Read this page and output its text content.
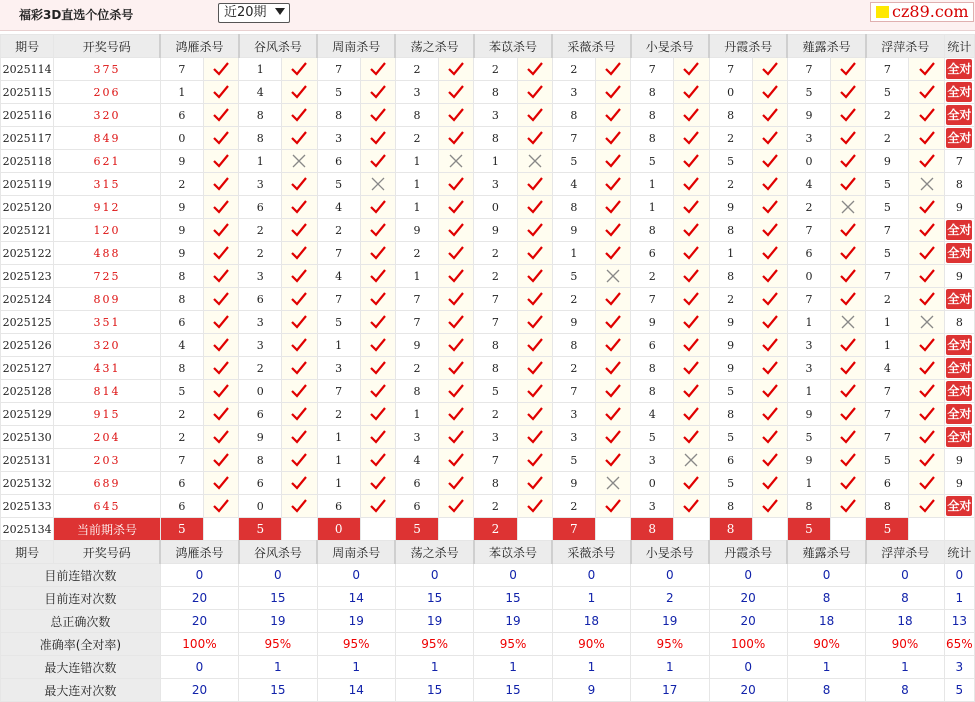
福彩3D直选个位杀号	近20期	cz89.com
期号	开奖号码	鸿雁杀号		谷风杀号		周南杀号		荡之杀号		苯苡杀号		采薇杀号		小旻杀号		丹霞杀号		薤露杀号		浮萍杀号		统计
2025114	375	7		1		7		2		2		2		7		7		7		7		全对

2025115	206	1		4		5		3		8		3		8		0		5		5		全对

2025116	320	6		8		8		8		3		8		8		8		9		2		全对

2025117	849	0		8		3		2		8		7		8		2		3		2		全对

2025118	621	9		1		6		1		1		5		5		5		0		9		7
2025119	315	2		3		5		1		3		4		1		2		4		5		8
2025120	912	9		6		4		1		0		8		1		9		2		5		9
2025121	120	9		2		2		9		9		9		8		8		7		7		全对

2025122	488	9		2		7		2		2		1		6		1		6		5		全对

2025123	725	8		3		4		1		2		5		2		8		0		7		9
2025124	809	8		6		7		7		7		2		7		2		7		2		全对

2025125	351	6		3		5		7		7		9		9		9		1		1		8
2025126	320	4		3		1		9		8		8		6		9		3		1		全对

2025127	431	8		2		3		2		8		2		8		9		3		4		全对

2025128	814	5		0		7		8		5		7		8		5		1		7		全对

2025129	915	2		6		2		1		2		3		4		8		9		7		全对

2025130	204	2		9		1		3		3		3		5		5		5		7		全对

2025131	203	7		8		1		4		7		5		3		6		9		5		9
2025132	689	6		6		1		6		8		9		0		5		1		6		9
2025133	645	6		0		6		6		2		2		3		8		8		8		全对

2025134	当前期杀号	5		5		0		5		2		7		8		8		5		5		
期号	开奖号码	鸿雁杀号		谷风杀号		周南杀号		荡之杀号		苯苡杀号		采薇杀号		小旻杀号		丹霞杀号		薤露杀号		浮萍杀号		统计
目前连错次数		0		0		0		0		0		0		0		0		0		0		0
目前连对次数		20		15		14		15		15		1		2		20		8		8		1
总正确次数		20		19		19		19		19		18		19		20		18		18		13
准确率(全对率)		100%		95%		95%		95%		95%		90%		95%		100%		90%		90%		65%
最大连错次数		0		1		1		1		1		1		1		0		1		1		3
最大连对次数		20		15		14		15		15		9		17		20		8		8		5
